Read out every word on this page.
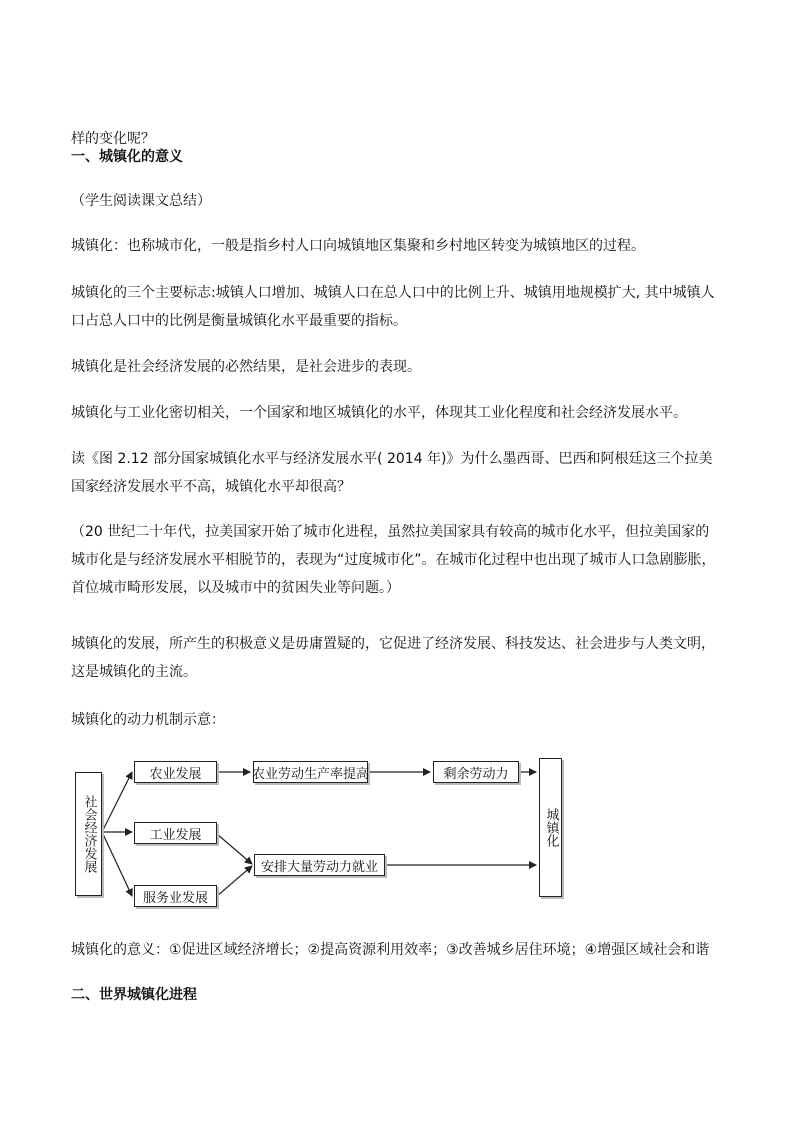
样的变化呢？

一、城镇化的意义

（学生阅读课文总结）

城镇化：也称城市化，一般是指乡村人口向城镇地区集聚和乡村地区转变为城镇地区的过程。

城镇化的三个主要标志:城镇人口增加、城镇人口在总人口中的比例上升、城镇用地规模扩大, 其中城镇人口占总人口中的比例是衡量城镇化水平最重要的指标。

城镇化是社会经济发展的必然结果，是社会进步的表现。

城镇化与工业化密切相关，一个国家和地区城镇化的水平，体现其工业化程度和社会经济发展水平。

读《图 2.12 部分国家城镇化水平与经济发展水平( 2014 年)》为什么墨西哥、巴西和阿根廷这三个拉美国家经济发展水平不高，城镇化水平却很高？

（20 世纪二十年代，拉美国家开始了城市化进程，虽然拉美国家具有较高的城市化水平，但拉美国家的城市化是与经济发展水平相脱节的，表现为“过度城市化”。在城市化过程中也出现了城市人口急剧膨胀，首位城市畸形发展，以及城市中的贫困失业等问题。）

城镇化的发展，所产生的积极意义是毋庸置疑的，它促进了经济发展、科技发达、社会进步与人类文明，这是城镇化的主流。

城镇化的动力机制示意：

社会经济发展
农业发展
工业发展
服务业发展
农业劳动生产率提高	剩余劳动力
安排大量劳动力就业
城镇化

城镇化的意义：①促进区域经济增长；②提高资源利用效率；③改善城乡居住环境；④增强区域社会和谐

二、世界城镇化进程
